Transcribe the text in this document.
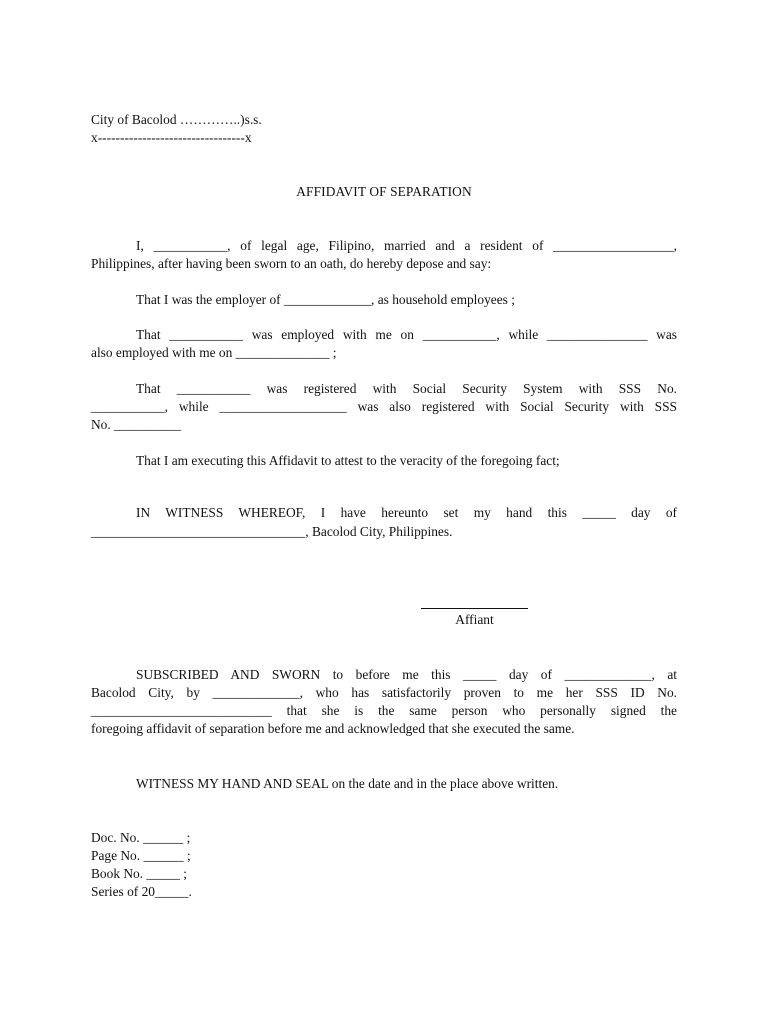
City of Bacolod …………..)s.s.
x---------------------------------x
AFFIDAVIT OF SEPARATION
I, ___________, of legal age, Filipino, married and a resident of __________________,
Philippines, after having been sworn to an oath, do hereby depose and say:
That I was the employer of _____________, as household employees ;
That ___________ was employed with me on ___________, while _______________ was
also employed with me on ______________ ;
That ___________ was registered with Social Security System with SSS No.
___________, while ___________________ was also registered with Social Security with SSS
No. __________
That I am executing this Affidavit to attest to the veracity of the foregoing fact;
IN WITNESS WHEREOF, I have hereunto set my hand this _____ day of
________________________________, Bacolod City, Philippines.
Affiant
SUBSCRIBED AND SWORN to before me this _____ day of _____________, at
Bacolod City, by _____________, who has satisfactorily proven to me her SSS ID No.
___________________________ that she is the same person who personally signed the
foregoing affidavit of separation before me and acknowledged that she executed the same.
WITNESS MY HAND AND SEAL on the date and in the place above written.
Doc. No. ______ ;
Page No. ______ ;
Book No. _____ ;
Series of 20_____.
